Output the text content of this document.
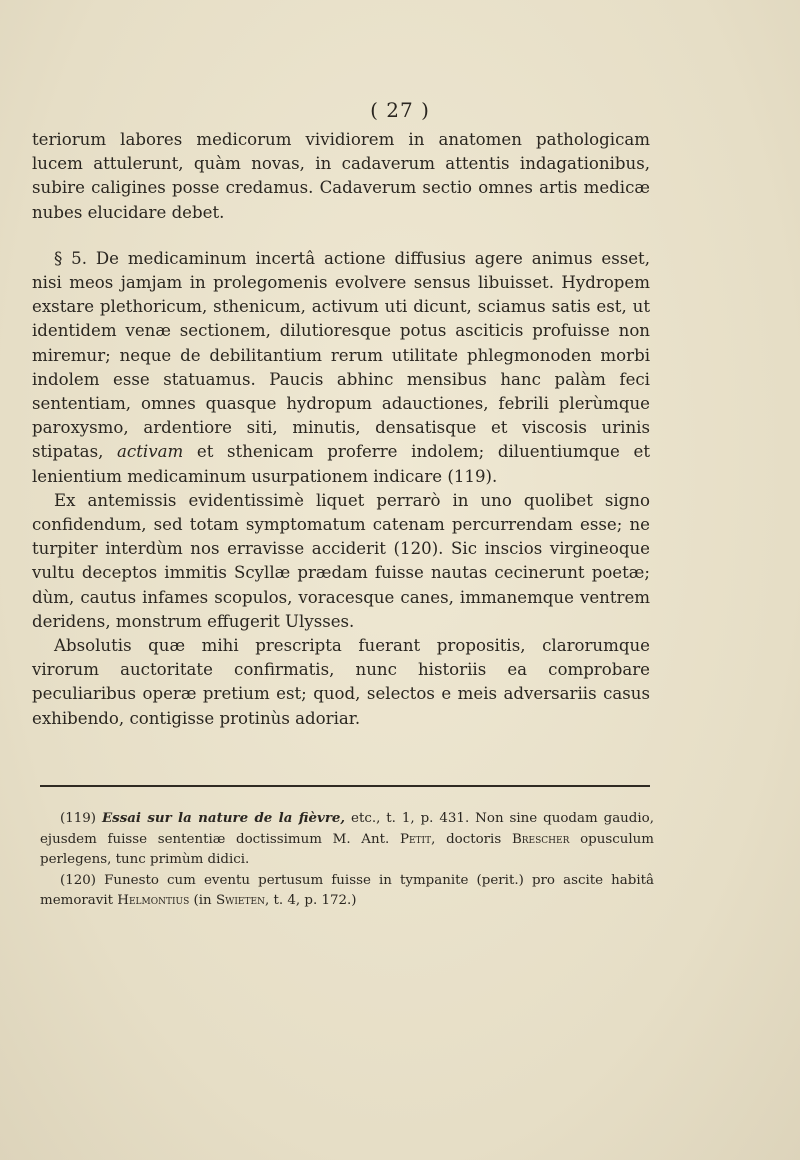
( 27 )

teriorum labores medicorum vividiorem in anatomen pathologicam lucem attulerunt, quàm novas, in cadaverum attentis indagationibus, subire caligines posse credamus. Cadaverum sectio omnes artis medicæ nubes elucidare debet.

§ 5. De medicaminum incertâ actione diffusius agere animus esset, nisi meos jamjam in prolegomenis evolvere sensus libuisset. Hydropem exstare plethoricum, sthenicum, activum uti dicunt, sciamus satis est, ut identidem venæ sectionem, dilutioresque potus asciticis profuisse non miremur; neque de debilitantium rerum utilitate phlegmonoden morbi indolem esse statuamus. Paucis abhinc mensibus hanc palàm feci sententiam, omnes quasque hydropum adauctiones, febrili plerùmque paroxysmo, ardentiore siti, minutis, densatisque et viscosis urinis stipatas, activam et sthenicam proferre indolem; diluentiumque et lenientium medicaminum usurpationem indicare (119).

Ex antemissis evidentissimè liquet perrarò in uno quolibet signo confidendum, sed totam symptomatum catenam percurrendam esse; ne turpiter interdùm nos erravisse acciderit (120). Sic inscios virgineoque vultu deceptos immitis Scyllæ prædam fuisse nautas cecinerunt poetæ; dùm, cautus infames scopulos, voracesque canes, immanemque ventrem deridens, monstrum effugerit Ulysses.

Absolutis quæ mihi prescripta fuerant propositis, clarorumque virorum auctoritate confirmatis, nunc historiis ea comprobare peculiaribus operæ pretium est; quod, selectos e meis adversariis casus exhibendo, contigisse protinùs adoriar.

(119) Essai sur la nature de la fièvre, etc., t. 1, p. 431. Non sine quodam gaudio, ejusdem fuisse sententiæ doctissimum M. Ant. Petit, doctoris Brescher opusculum perlegens, tunc primùm didici.

(120) Funesto cum eventu pertusum fuisse in tympanite (perit.) pro ascite habitâ memoravit Helmontius (in Swieten, t. 4, p. 172.)
